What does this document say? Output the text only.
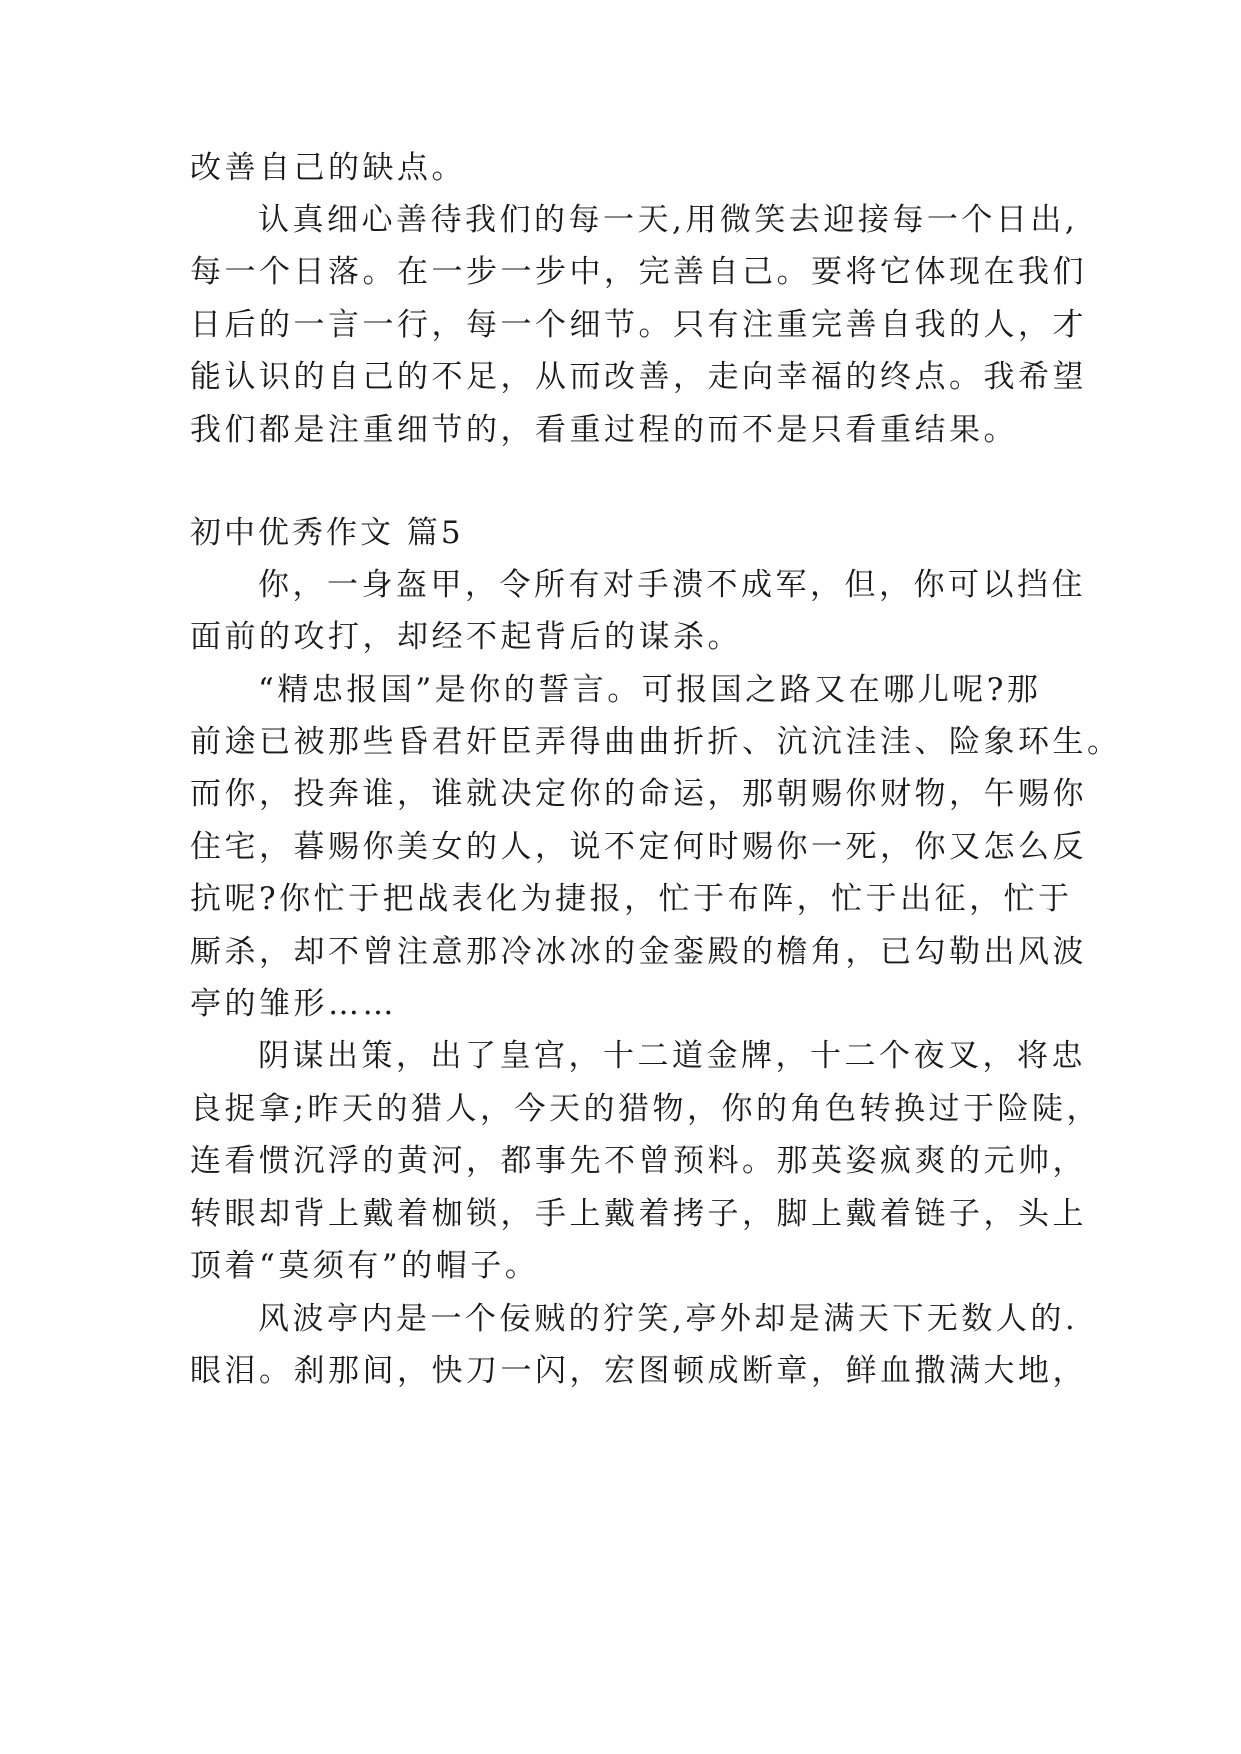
改善自己的缺点。
认真细心善待我们的每一天,用微笑去迎接每一个日出,
每一个日落。在一步一步中，完善自己。要将它体现在我们
日后的一言一行，每一个细节。只有注重完善自我的人，才
能认识的自己的不足，从而改善，走向幸福的终点。我希望
我们都是注重细节的，看重过程的而不是只看重结果。
初中优秀作文 篇5
你，一身盔甲，令所有对手溃不成军，但，你可以挡住
面前的攻打，却经不起背后的谋杀。
“精忠报国”是你的誓言。可报国之路又在哪儿呢?那
前途已被那些昏君奸臣弄得曲曲折折、沆沆洼洼、险象环生。
而你，投奔谁，谁就决定你的命运，那朝赐你财物，午赐你
住宅，暮赐你美女的人，说不定何时赐你一死，你又怎么反
抗呢?你忙于把战表化为捷报，忙于布阵，忙于出征，忙于
厮杀，却不曾注意那冷冰冰的金銮殿的檐角，已勾勒出风波
亭的雏形……
阴谋出策，出了皇宫，十二道金牌，十二个夜叉，将忠
良捉拿;昨天的猎人，今天的猎物，你的角色转换过于险陡，
连看惯沉浮的黄河，都事先不曾预料。那英姿疯爽的元帅，
转眼却背上戴着枷锁，手上戴着拷子，脚上戴着链子，头上
顶着“莫须有”的帽子。
风波亭内是一个佞贼的狞笑,亭外却是满天下无数人的.
眼泪。刹那间，快刀一闪，宏图顿成断章，鲜血撒满大地，
